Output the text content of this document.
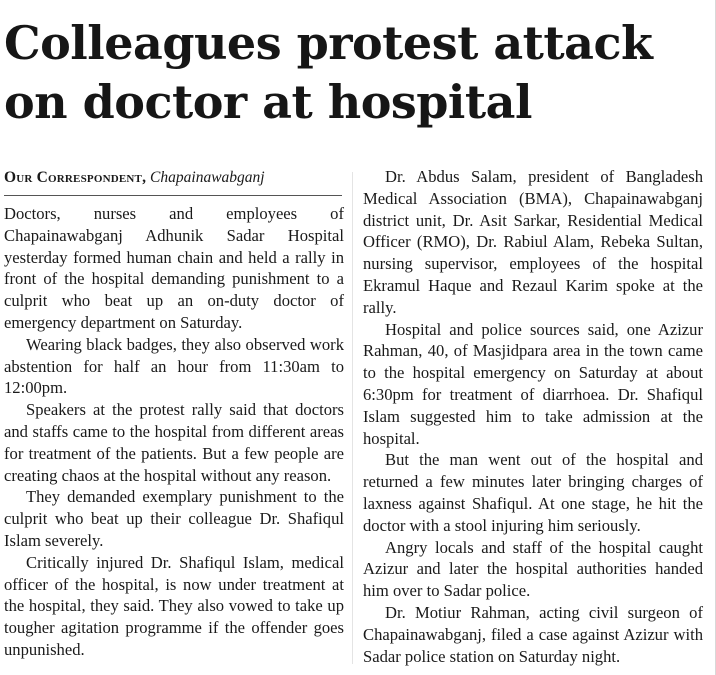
Colleagues protest attack on doctor at hospital
Our Correspondent, Chapainawabganj

Doctors, nurses and employees of Chapainawabganj Adhunik Sadar Hospital yesterday formed human chain and held a rally in front of the hospital demanding punishment to a culprit who beat up an on-duty doctor of emergency department on Saturday.

Wearing black badges, they also observed work abstention for half an hour from 11:30am to 12:00pm.

Speakers at the protest rally said that doctors and staffs came to the hospital from different areas for treatment of the patients. But a few people are creating chaos at the hospital without any reason.

They demanded exemplary punishment to the culprit who beat up their colleague Dr. Shafiqul Islam severely.

Critically injured Dr. Shafiqul Islam, medical officer of the hospital, is now under treatment at the hospital, they said. They also vowed to take up tougher agitation programme if the offender goes unpunished.

Dr. Abdus Salam, president of Bangladesh Medical Association (BMA), Chapainawabganj district unit, Dr. Asit Sarkar, Residential Medical Officer (RMO), Dr. Rabiul Alam, Rebeka Sultan, nursing supervisor, employees of the hospital Ekramul Haque and Rezaul Karim spoke at the rally.

Hospital and police sources said, one Azizur Rahman, 40, of Masjidpara area in the town came to the hospital emergency on Saturday at about 6:30pm for treatment of diarrhoea. Dr. Shafiqul Islam suggested him to take admission at the hospital.

But the man went out of the hospital and returned a few minutes later bringing charges of laxness against Shafiqul. At one stage, he hit the doctor with a stool injuring him seriously.

Angry locals and staff of the hospital caught Azizur and later the hospital authorities handed him over to Sadar police.

Dr. Motiur Rahman, acting civil surgeon of Chapainawabganj, filed a case against Azizur with Sadar police station on Saturday night.
